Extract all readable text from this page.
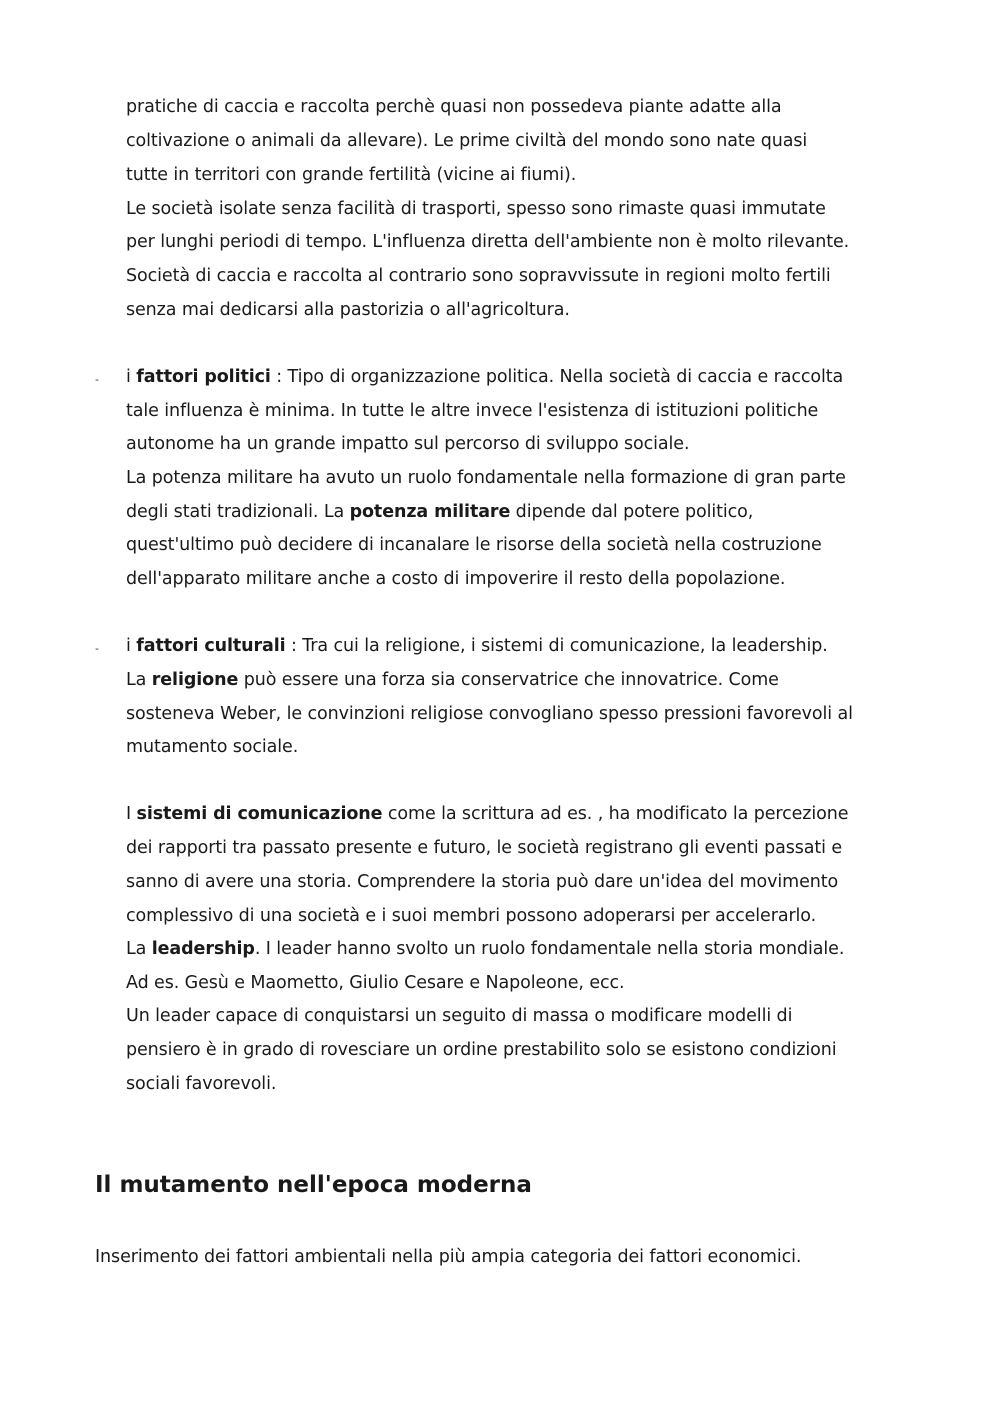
pratiche di caccia e raccolta perchè quasi non possedeva piante adatte alla
coltivazione o animali da allevare). Le prime civiltà del mondo sono nate quasi
tutte in territori con grande fertilità (vicine ai fiumi).
Le società isolate senza facilità di trasporti, spesso sono rimaste quasi immutate
per lunghi periodi di tempo. L'influenza diretta dell'ambiente non è molto rilevante.
Società di caccia e raccolta al contrario sono sopravvissute in regioni molto fertili
senza mai dedicarsi alla pastorizia o all'agricoltura.
- i fattori politici : Tipo di organizzazione politica. Nella società di caccia e raccolta
tale influenza è minima. In tutte le altre invece l'esistenza di istituzioni politiche
autonome ha un grande impatto sul percorso di sviluppo sociale.
La potenza militare ha avuto un ruolo fondamentale nella formazione di gran parte
degli stati tradizionali. La potenza militare dipende dal potere politico,
quest'ultimo può decidere di incanalare le risorse della società nella costruzione
dell'apparato militare anche a costo di impoverire il resto della popolazione.
- i fattori culturali : Tra cui la religione, i sistemi di comunicazione, la leadership.
La religione può essere una forza sia conservatrice che innovatrice. Come
sosteneva Weber, le convinzioni religiose convogliano spesso pressioni favorevoli al
mutamento sociale.
I sistemi di comunicazione come la scrittura ad es. , ha modificato la percezione
dei rapporti tra passato presente e futuro, le società registrano gli eventi passati e
sanno di avere una storia. Comprendere la storia può dare un'idea del movimento
complessivo di una società e i suoi membri possono adoperarsi per accelerarlo.
La leadership. I leader hanno svolto un ruolo fondamentale nella storia mondiale.
Ad es. Gesù e Maometto, Giulio Cesare e Napoleone, ecc.
Un leader capace di conquistarsi un seguito di massa o modificare modelli di
pensiero è in grado di rovesciare un ordine prestabilito solo se esistono condizioni
sociali favorevoli.
Il mutamento nell'epoca moderna
Inserimento dei fattori ambientali nella più ampia categoria dei fattori economici.
